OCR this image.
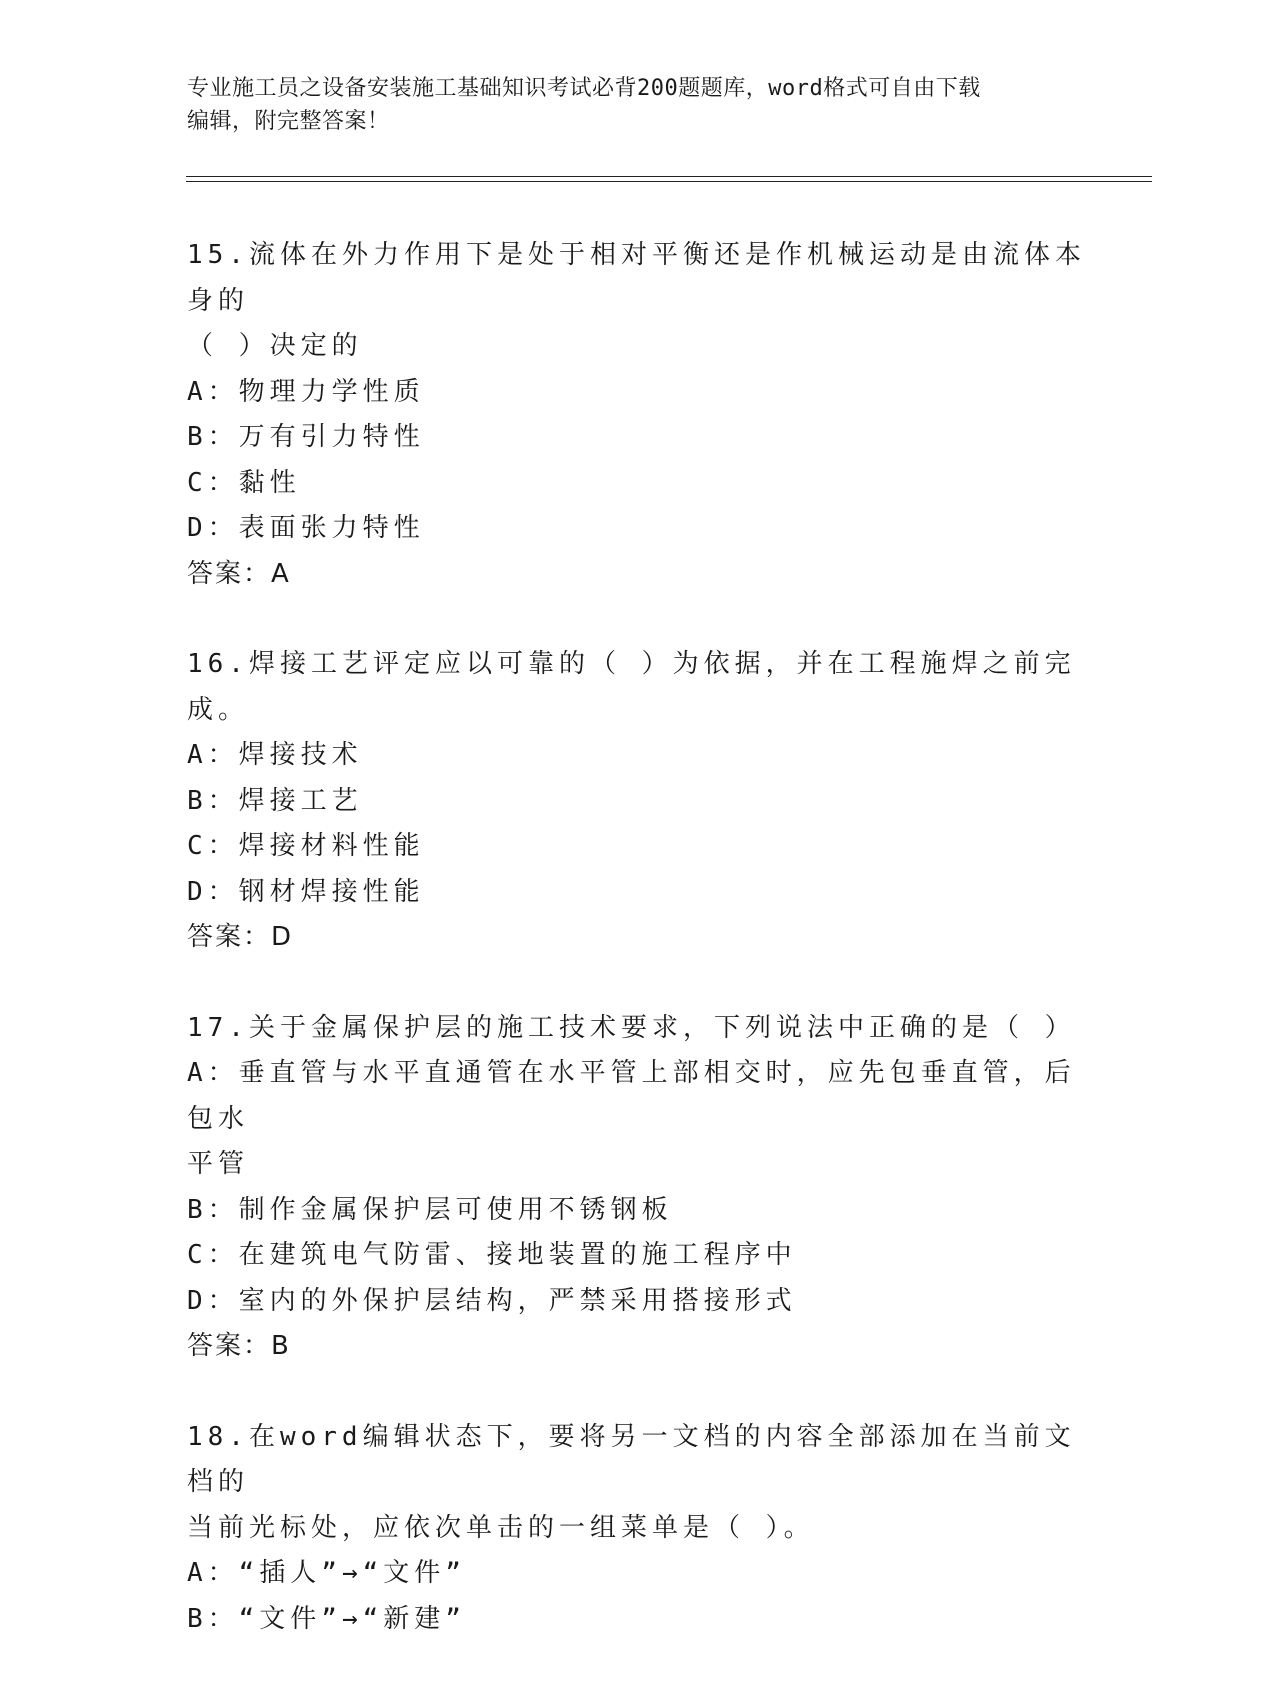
专业施工员之设备安装施工基础知识考试必背200题题库，word格式可自由下载
编辑，附完整答案！
15.流体在外力作用下是处于相对平衡还是作机械运动是由流体本身的
（ ）决定的
A：物理力学性质
B：万有引力特性
C：黏性
D：表面张力特性
答案：A
16.焊接工艺评定应以可靠的（ ）为依据，并在工程施焊之前完成。
A：焊接技术
B：焊接工艺
C：焊接材料性能
D：钢材焊接性能
答案：D
17.关于金属保护层的施工技术要求，下列说法中正确的是（ ）
A：垂直管与水平直通管在水平管上部相交时，应先包垂直管，后包水
平管
B：制作金属保护层可使用不锈钢板
C：在建筑电气防雷、接地装置的施工程序中
D：室内的外保护层结构，严禁采用搭接形式
答案：B
18.在word编辑状态下，要将另一文档的内容全部添加在当前文档的
当前光标处，应依次单击的一组菜单是（ ）。
A：“插人”→“文件”
B：“文件”→“新建”
